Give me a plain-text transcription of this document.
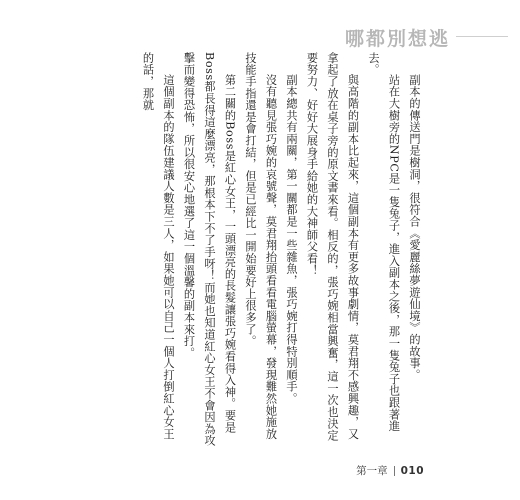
哪都別想逃

副本的傳送門是樹洞，很符合《愛麗絲夢遊仙境》的故事。

站在大樹旁的NPC是一隻兔子，進入副本之後，那一隻兔子也跟著進去。

與高階的副本比起來，這個副本有更多故事劇情，莫君翔不感興趣，又拿起了放在桌子旁的原文書來看。相反的，張巧婉相當興奮，這一次也決定要努力、好好大展身手給她的大神師父看！

副本總共有兩關，第一關都是一些雜魚，張巧婉打得特別順手。

沒有聽見張巧婉的哀號聲，莫君翔抬頭看看電腦螢幕，發現難然她施放技能手指還是會打結，但是已經比一開始要好上很多了。

第二關的Boss是紅心女王，一頭漂亮的長髮讓張巧婉看得入神。要是Boss都長得這麼漂亮，那根本下不了手呀！而她也知道紅心女王不會因為攻擊而變得恐怖，所以很安心地選了這一個溫馨的副本來打。

這個副本的隊伍建議人數是三人，如果她可以自己一個人打倒紅心女王的話，那就

第一章 010
